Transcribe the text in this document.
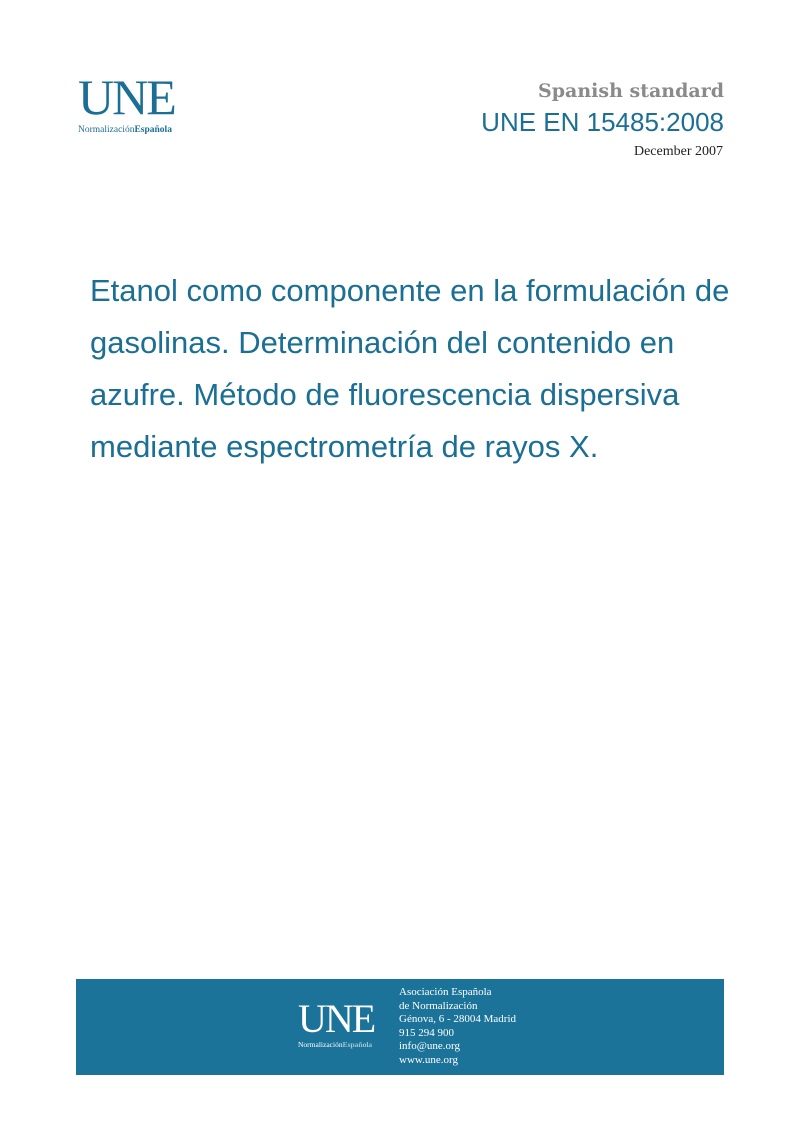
UNE
NormalizaciónEspañola
Spanish standard
UNE EN 15485:2008
December 2007
Etanol como componente en la formulación de
gasolinas. Determinación del contenido en
azufre. Método de fluorescencia dispersiva
mediante espectrometría de rayos X.
UNE
NormalizaciónEspañola
Asociación Española
de Normalización
Génova, 6 - 28004 Madrid
915 294 900
info@une.org
www.une.org
